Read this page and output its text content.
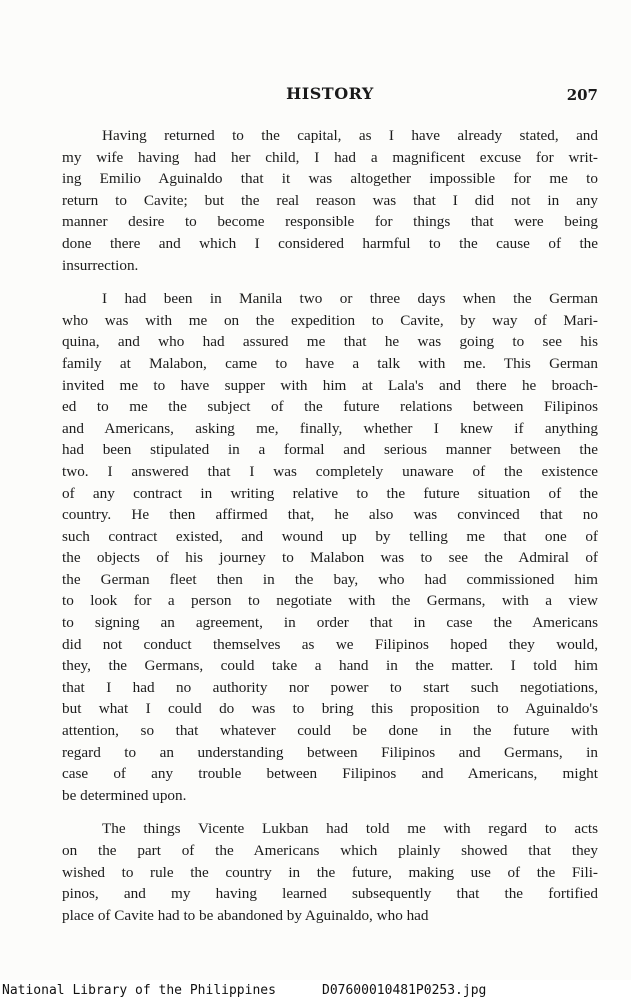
HISTORY	207
Having returned to the capital, as I have already stated, and
my wife having had her child, I had a magnificent excuse for writ-
ing Emilio Aguinaldo that it was altogether impossible for me to
return to Cavite; but the real reason was that I did not in any
manner desire to become responsible for things that were being
done there and which I considered harmful to the cause of the
insurrection.
I had been in Manila two or three days when the German
who was with me on the expedition to Cavite, by way of Mari-
quina, and who had assured me that he was going to see his
family at Malabon, came to have a talk with me. This German
invited me to have supper with him at Lala's and there he broach-
ed to me the subject of the future relations between Filipinos
and Americans, asking me, finally, whether I knew if anything
had been stipulated in a formal and serious manner between the
two. I answered that I was completely unaware of the existence
of any contract in writing relative to the future situation of the
country. He then affirmed that, he also was convinced that no
such contract existed, and wound up by telling me that one of
the objects of his journey to Malabon was to see the Admiral of
the German fleet then in the bay, who had commissioned him
to look for a person to negotiate with the Germans, with a view
to signing an agreement, in order that in case the Americans
did not conduct themselves as we Filipinos hoped they would,
they, the Germans, could take a hand in the matter. I told him
that I had no authority nor power to start such negotiations,
but what I could do was to bring this proposition to Aguinaldo's
attention, so that whatever could be done in the future with
regard to an understanding between Filipinos and Germans, in
case of any trouble between Filipinos and Americans, might
be determined upon.
The things Vicente Lukban had told me with regard to acts
on the part of the Americans which plainly showed that they
wished to rule the country in the future, making use of the Fili-
pinos, and my having learned subsequently that the fortified
place of Cavite had to be abandoned by Aguinaldo, who had
National Library of the Philippines	D07600010481P0253.jpg
